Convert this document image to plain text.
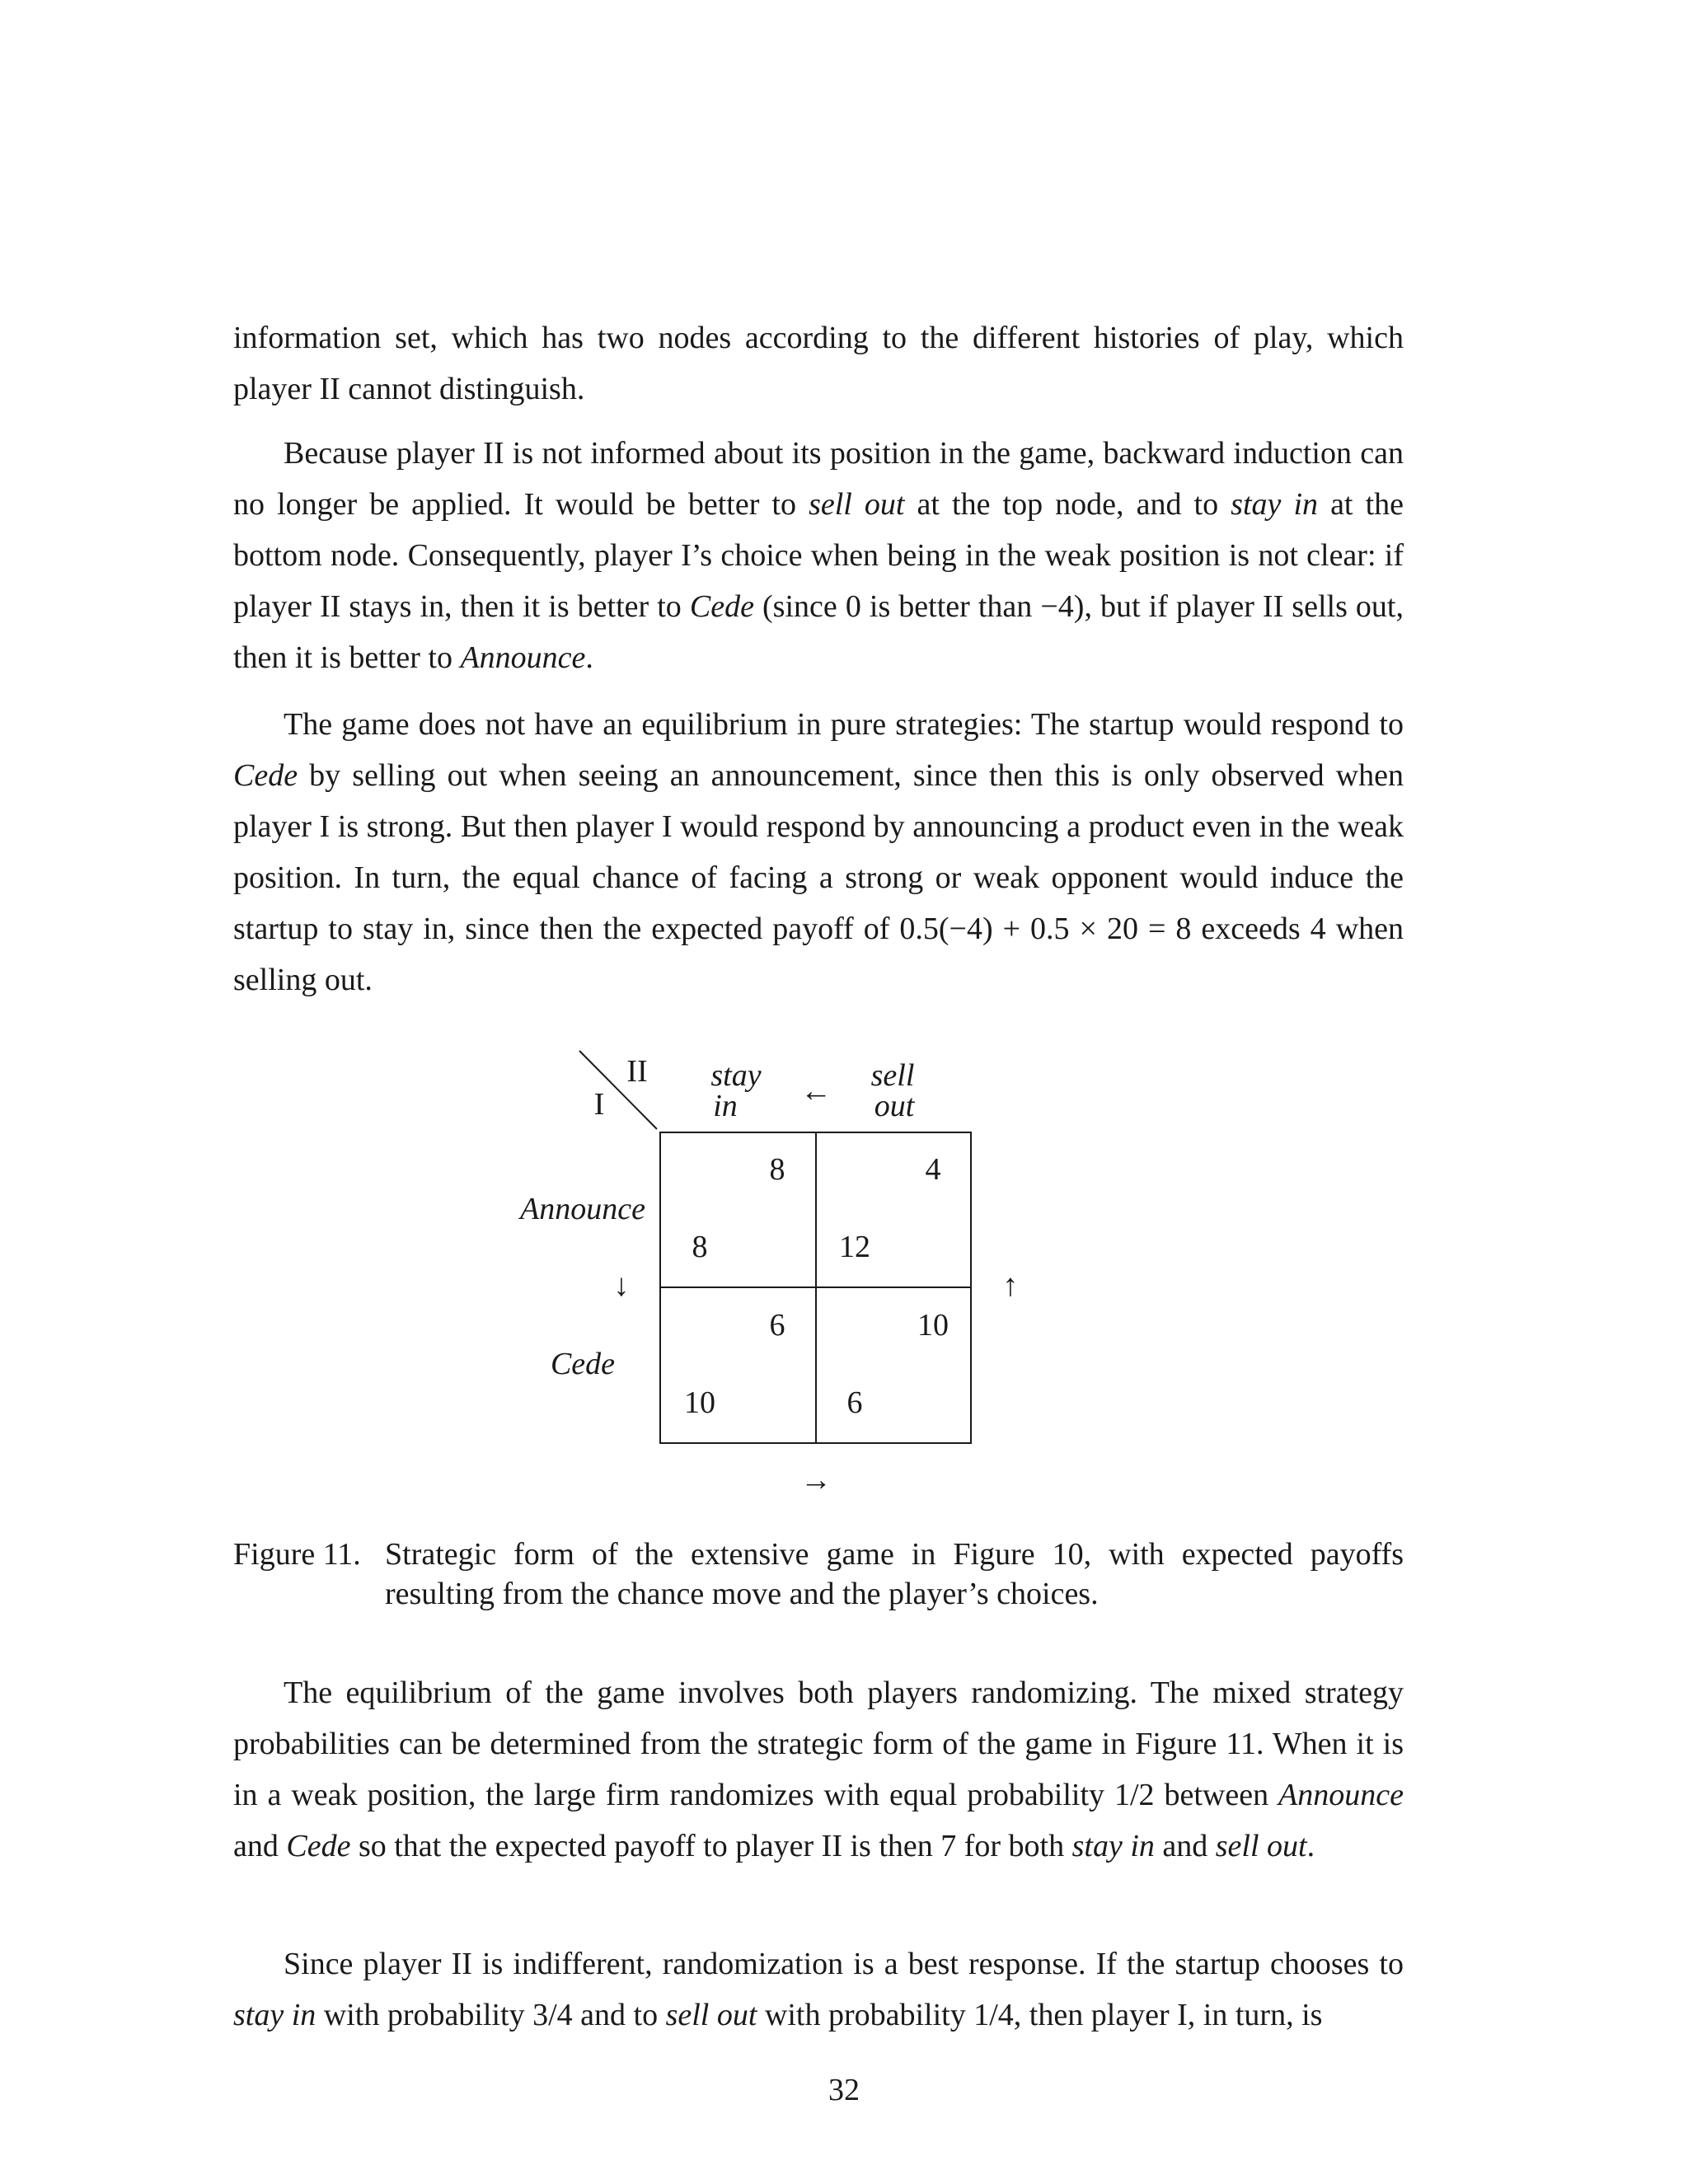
information set, which has two nodes according to the different histories of play, which player II cannot distinguish.

Because player II is not informed about its position in the game, backward induction can no longer be applied. It would be better to sell out at the top node, and to stay in at the bottom node. Consequently, player I’s choice when being in the weak position is not clear: if player II stays in, then it is better to Cede (since 0 is better than −4), but if player II sells out, then it is better to Announce.

The game does not have an equilibrium in pure strategies: The startup would respond to Cede by selling out when seeing an announcement, since then this is only observed when player I is strong. But then player I would respond by announcing a product even in the weak position. In turn, the equal chance of facing a strong or weak opponent would induce the startup to stay in, since then the expected payoff of 0.5(−4) + 0.5 × 20 = 8 exceeds 4 when selling out.

II
I
stay
in
sell
out
Announce
Cede
8
8
4
12
6
10
10
6
←
→
↓	↑
Figure 11. Strategic form of the extensive game in Figure 10, with expected payoffs resulting from the chance move and the player’s choices.

The equilibrium of the game involves both players randomizing. The mixed strategy probabilities can be determined from the strategic form of the game in Figure 11. When it is in a weak position, the large firm randomizes with equal probability 1/2 between Announce and Cede so that the expected payoff to player II is then 7 for both stay in and sell out.

Since player II is indifferent, randomization is a best response. If the startup chooses to stay in with probability 3/4 and to sell out with probability 1/4, then player I, in turn, is

32
